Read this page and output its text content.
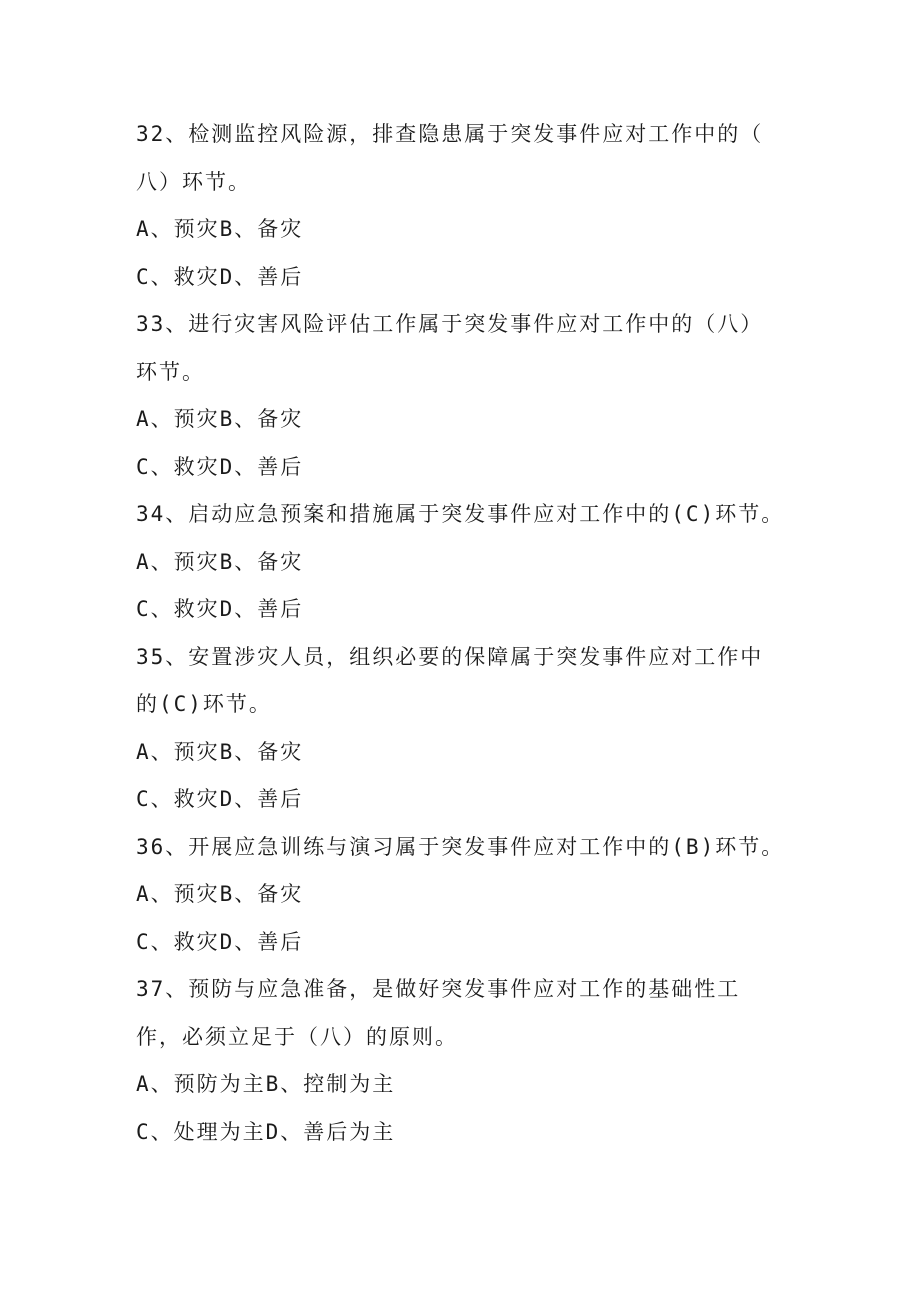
32、检测监控风险源，排查隐患属于突发事件应对工作中的（
八）环节。
A、预灾B、备灾
C、救灾D、善后
33、进行灾害风险评估工作属于突发事件应对工作中的（八）
环节。
A、预灾B、备灾
C、救灾D、善后
34、启动应急预案和措施属于突发事件应对工作中的(C)环节。
A、预灾B、备灾
C、救灾D、善后
35、安置涉灾人员，组织必要的保障属于突发事件应对工作中
的(C)环节。
A、预灾B、备灾
C、救灾D、善后
36、开展应急训练与演习属于突发事件应对工作中的(B)环节。
A、预灾B、备灾
C、救灾D、善后
37、预防与应急准备，是做好突发事件应对工作的基础性工
作，必须立足于（八）的原则。
A、预防为主B、控制为主
C、处理为主D、善后为主
